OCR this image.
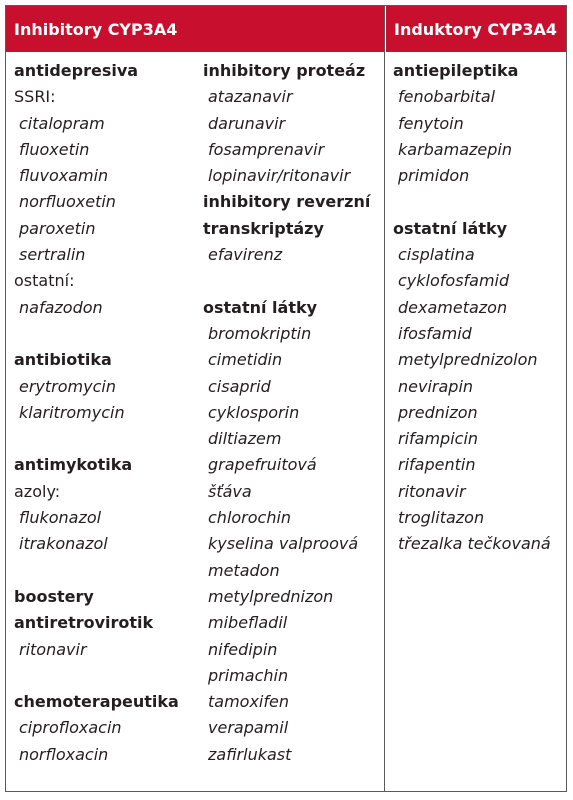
Inhibitory CYP3A4	Induktory CYP3A4
antidepresiva
SSRI:
citalopram
fluoxetin
fluvoxamin
norfluoxetin
paroxetin
sertralin
ostatní:
nafazodon
antibiotika
erytromycin
klaritromycin
antimykotika
azoly:
flukonazol
itrakonazol
boostery
antiretrovirotik
ritonavir
chemoterapeutika
ciprofloxacin
norfloxacin
inhibitory proteáz
atazanavir
darunavir
fosamprenavir
lopinavir/ritonavir
inhibitory reverzní
transkriptázy
efavirenz
ostatní látky
bromokriptin
cimetidin
cisaprid
cyklosporin
diltiazem
grapefruitová
šťáva
chlorochin
kyselina valproová
metadon
metylprednizon
mibefladil
nifedipin
primachin
tamoxifen
verapamil
zafirlukast
antiepileptika
fenobarbital
fenytoin
karbamazepin
primidon
ostatní látky
cisplatina
cyklofosfamid
dexametazon
ifosfamid
metylprednizolon
nevirapin
prednizon
rifampicin
rifapentin
ritonavir
troglitazon
třezalka tečkovaná
